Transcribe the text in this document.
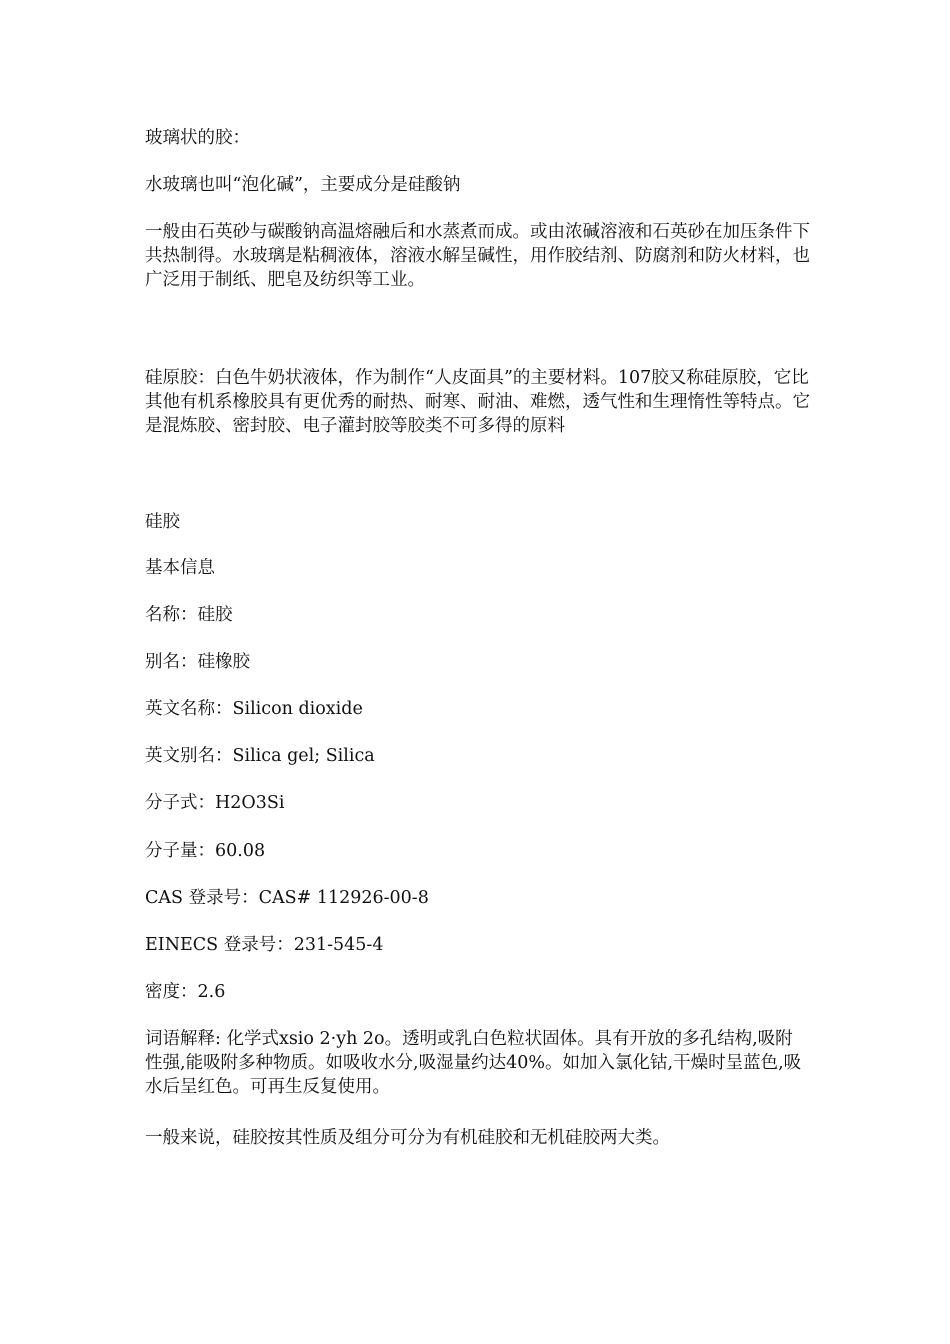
玻璃状的胶：

水玻璃也叫“泡化碱”，主要成分是硅酸钠

一般由石英砂与碳酸钠高温熔融后和水蒸煮而成。或由浓碱溶液和石英砂在加压条件下共热制得。水玻璃是粘稠液体，溶液水解呈碱性，用作胶结剂、防腐剂和防火材料，也广泛用于制纸、肥皂及纺织等工业。

硅原胶：白色牛奶状液体，作为制作“人皮面具”的主要材料。107胶又称硅原胶，它比其他有机系橡胶具有更优秀的耐热、耐寒、耐油、难燃，透气性和生理惰性等特点。它是混炼胶、密封胶、电子灌封胶等胶类不可多得的原料

硅胶

基本信息

名称：硅胶

别名：硅橡胶

英文名称：Silicon dioxide

英文别名：Silica gel; Silica

分子式：H2O3Si

分子量：60.08

CAS 登录号：CAS# 112926-00-8

EINECS 登录号：231-545-4

密度：2.6

词语解释: 化学式xsio 2·yh 2o。透明或乳白色粒状固体。具有开放的多孔结构,吸附性强,能吸附多种物质。如吸收水分,吸湿量约达40%。如加入氯化钴,干燥时呈蓝色,吸水后呈红色。可再生反复使用。

一般来说，硅胶按其性质及组分可分为有机硅胶和无机硅胶两大类。
